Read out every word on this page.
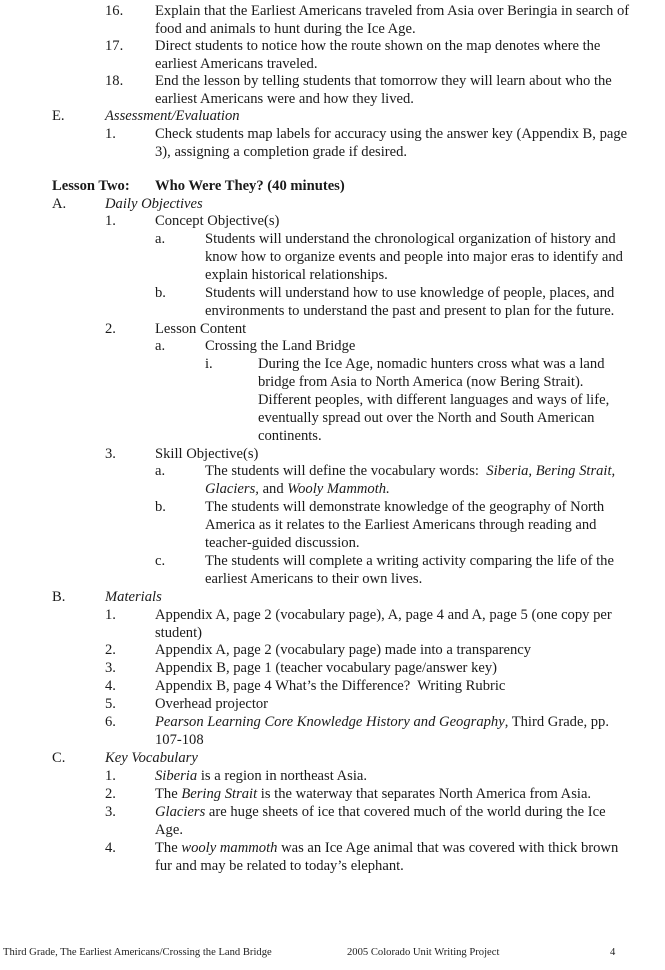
16. Explain that the Earliest Americans traveled from Asia over Beringia in search of
food and animals to hunt during the Ice Age.
17. Direct students to notice how the route shown on the map denotes where the
earliest Americans traveled.
18. End the lesson by telling students that tomorrow they will learn about who the
earliest Americans were and how they lived.
E.	Assessment/Evaluation
1.	Check students map labels for accuracy using the answer key (Appendix B, page
3), assigning a completion grade if desired.
Lesson Two: Who Were They? (40 minutes)
A.	Daily Objectives
1.	Concept Objective(s)
a.	Students will understand the chronological organization of history and
know how to organize events and people into major eras to identify and
explain historical relationships.
b.	Students will understand how to use knowledge of people, places, and
environments to understand the past and present to plan for the future.
2.	Lesson Content
a.	Crossing the Land Bridge
i.	During the Ice Age, nomadic hunters cross what was a land
bridge from Asia to North America (now Bering Strait).
Different peoples, with different languages and ways of life,
eventually spread out over the North and South American
continents.
3.	Skill Objective(s)
a.	The students will define the vocabulary words:  Siberia, Bering Strait,
Glaciers, and Wooly Mammoth.
b.	The students will demonstrate knowledge of the geography of North
America as it relates to the Earliest Americans through reading and
teacher-guided discussion.
c.	The students will complete a writing activity comparing the life of the
earliest Americans to their own lives.
B.	Materials
1.	Appendix A, page 2 (vocabulary page), A, page 4 and A, page 5 (one copy per
student)
2.	Appendix A, page 2 (vocabulary page) made into a transparency
3.	Appendix B, page 1 (teacher vocabulary page/answer key)
4.	Appendix B, page 4 What’s the Difference?  Writing Rubric
5.	Overhead projector
6.	Pearson Learning Core Knowledge History and Geography, Third Grade, pp.
107-108
C.	Key Vocabulary
1.	Siberia is a region in northeast Asia.
2.	The Bering Strait is the waterway that separates North America from Asia.
3.	Glaciers are huge sheets of ice that covered much of the world during the Ice
Age.
4.	The wooly mammoth was an Ice Age animal that was covered with thick brown
fur and may be related to today’s elephant.
Third Grade, The Earliest Americans/Crossing the Land Bridge	2005 Colorado Unit Writing Project	4
